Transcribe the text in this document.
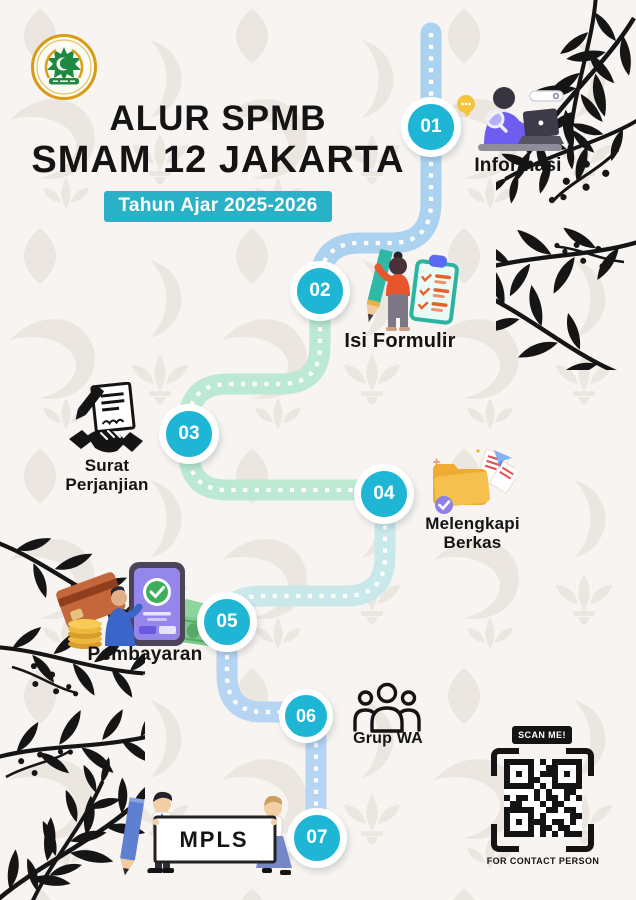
ALUR SPMB
SMAM 12 JAKARTA
Tahun Ajar 2025-2026
MPLS
01
02
03
04
05
06
07
Informasi
Isi Formulir
Surat Perjanjian
Melengkapi Berkas
Pembayaran
Grup WA	SCAN ME!
FOR CONTACT PERSON
